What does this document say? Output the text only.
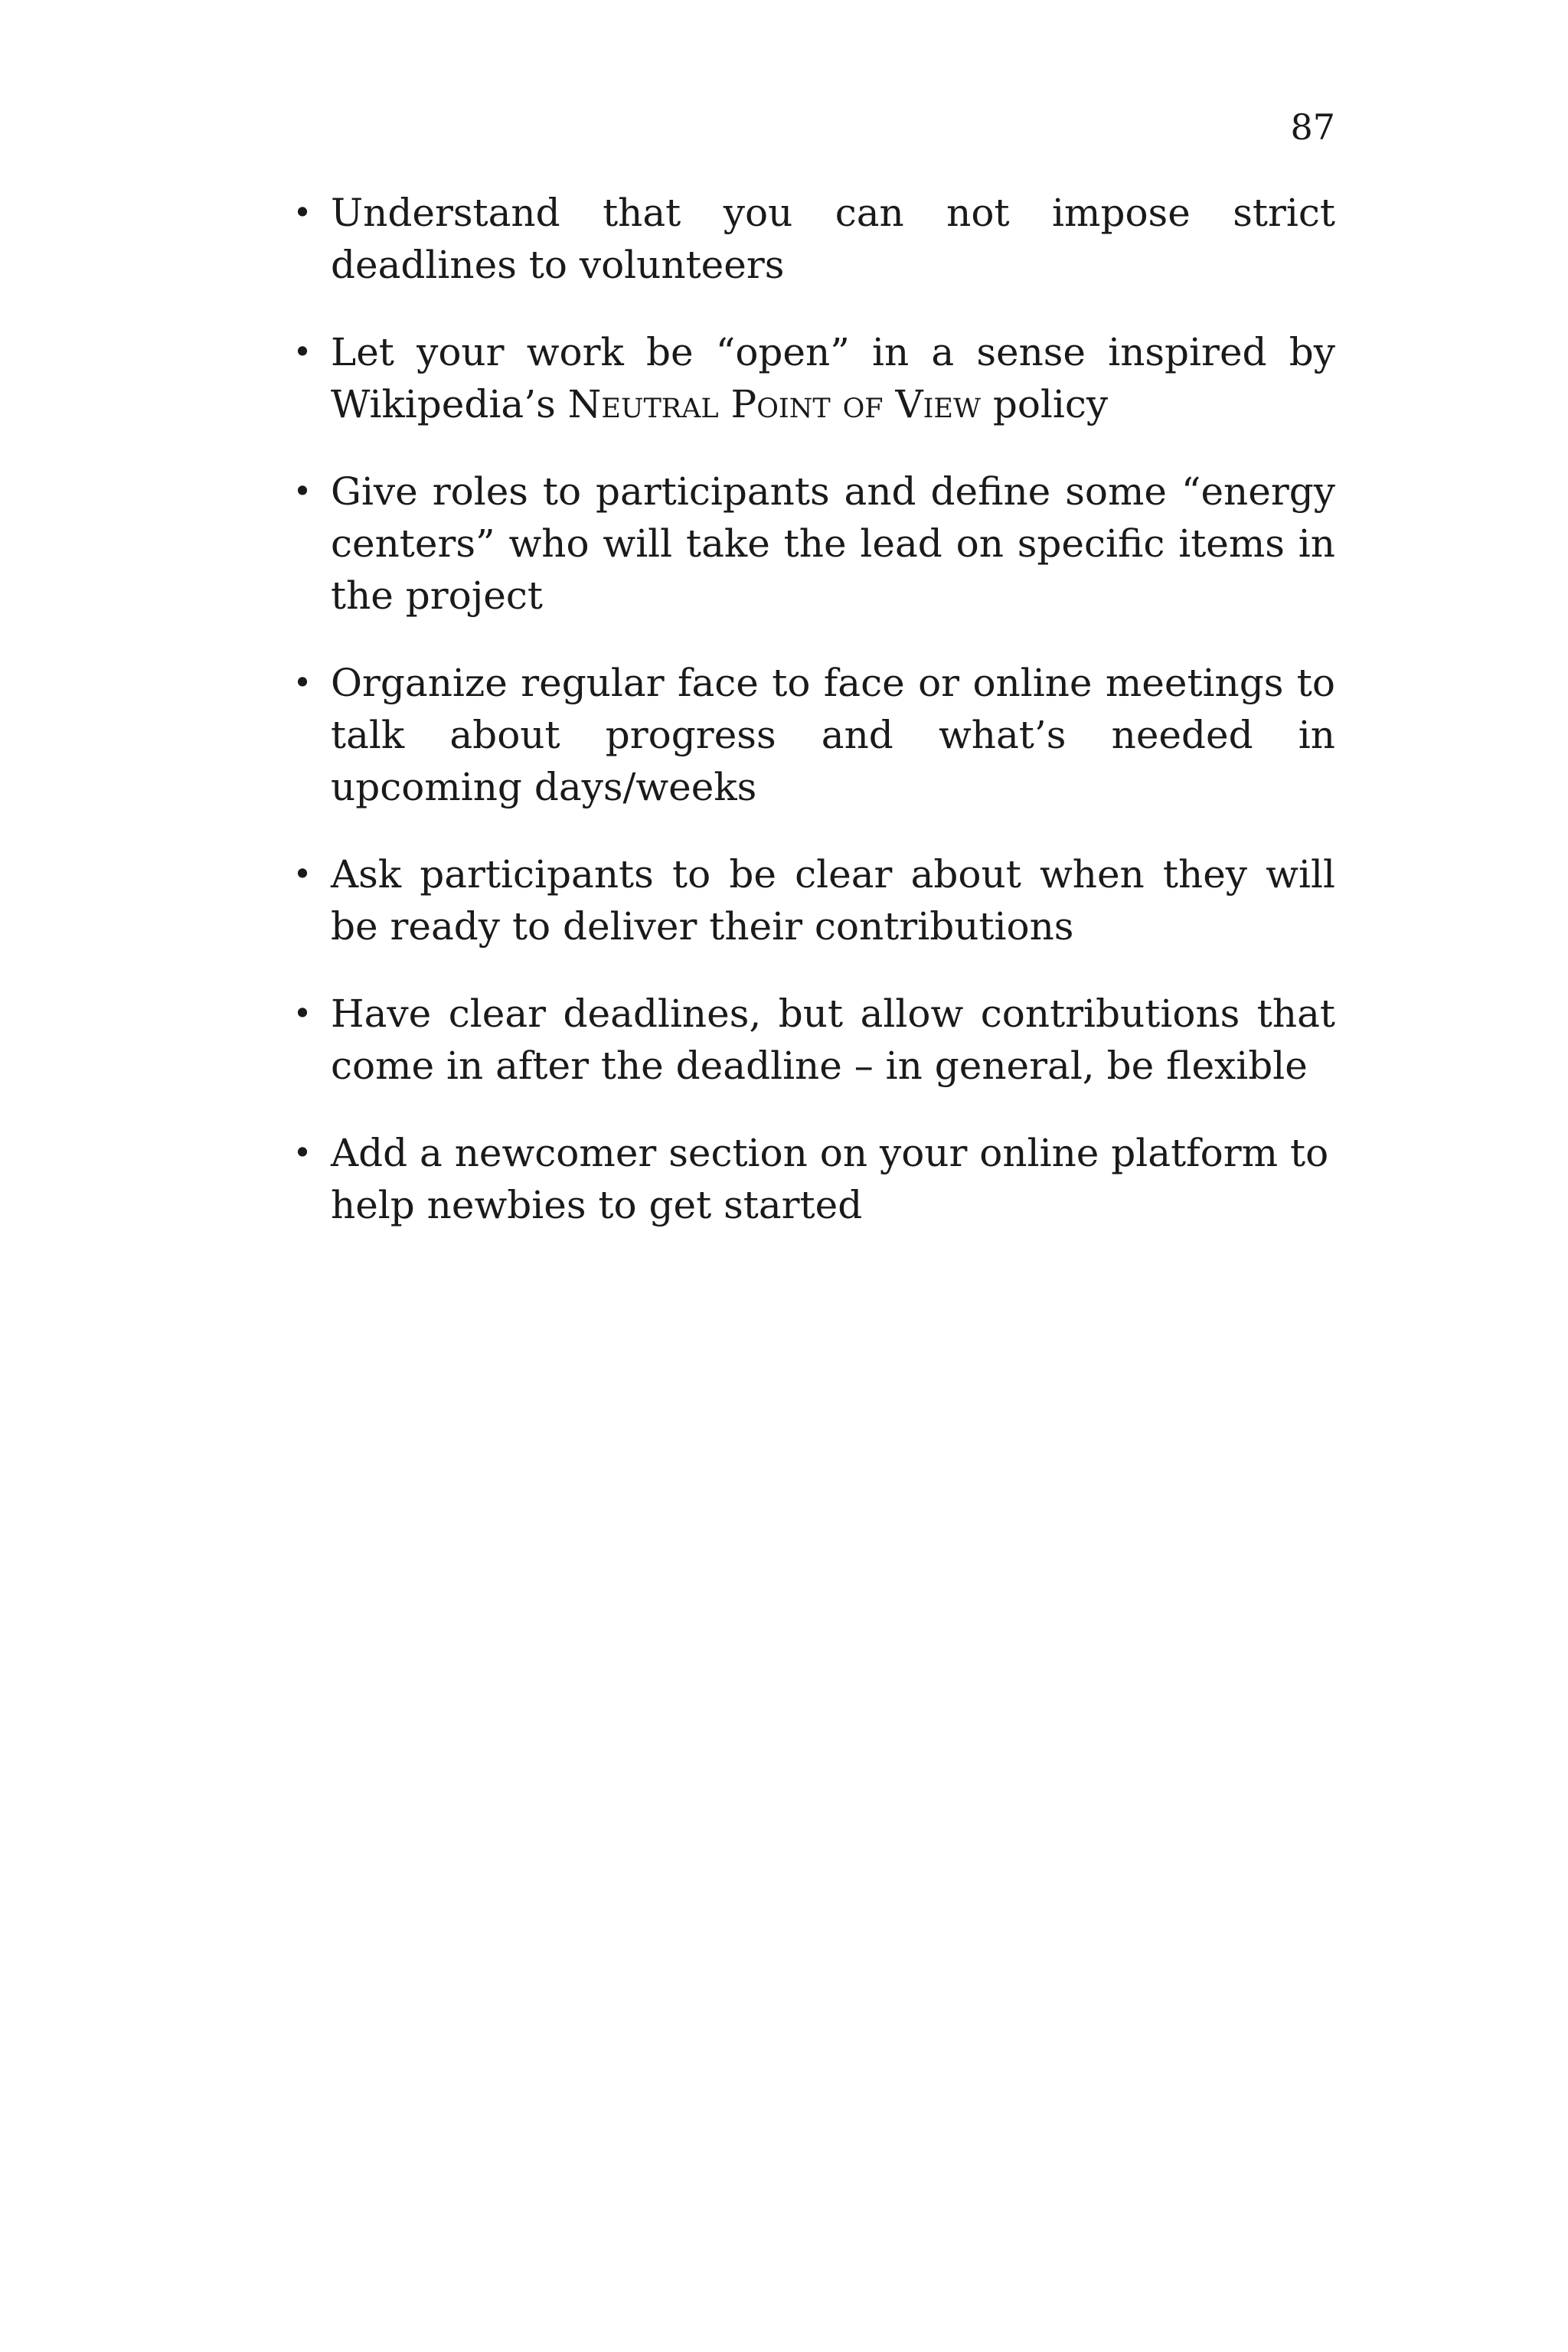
87
• Understand that you can not impose strict deadlines to volunteers
• Let your work be “open” in a sense inspired by Wikipedia’s Neutral Point of View policy
• Give roles to participants and define some “energy centers” who will take the lead on specific items in the project
• Organize regular face to face or online meetings to talk about progress and what’s needed in upcoming days/weeks
• Ask participants to be clear about when they will be ready to deliver their contributions
• Have clear deadlines, but allow contributions that come in after the deadline – in general, be flexible
• Add a newcomer section on your online platform to help newbies to get started
